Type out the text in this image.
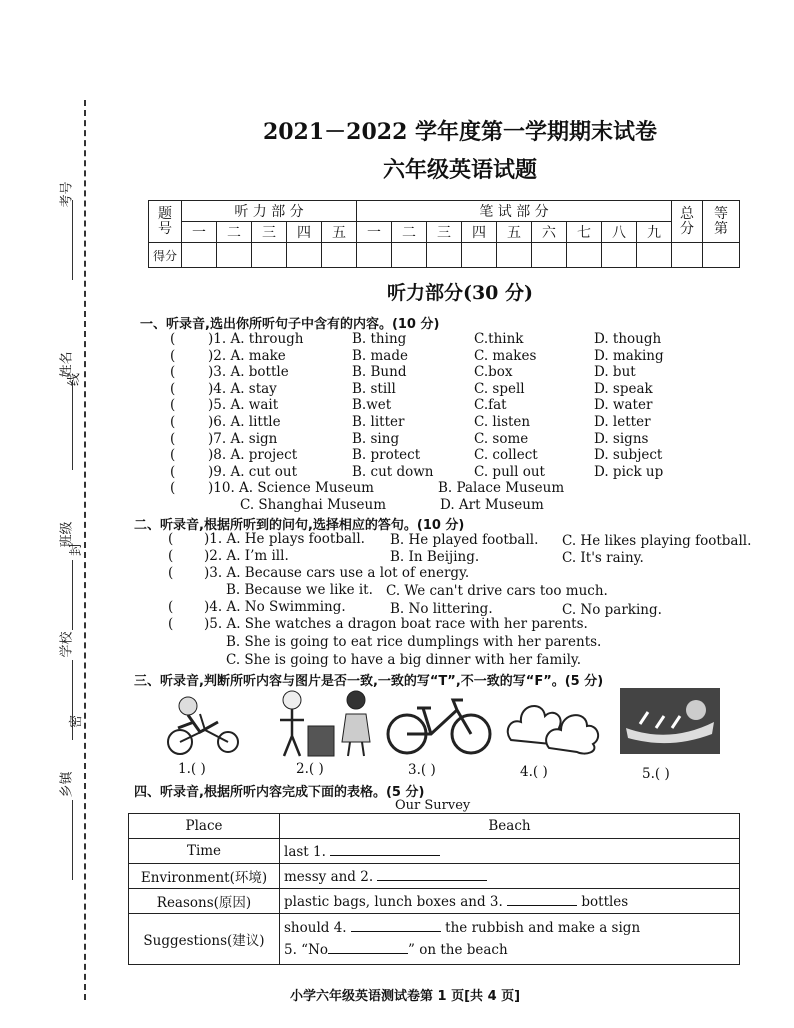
考号
姓名
线
班级
封
学校
密
乡镇
2021－2022 学年度第一学期期末试卷
六年级英语试题
题
号	听 力 部 分					笔 试 部 分									总
分	等
第
	一	二	三	四	五	一	二	三	四	五	六	七	八	九		
得分																
听力部分(30 分)
一、听录音,选出你所听句子中含有的内容。(10 分)
( )1. A. through	B. thing	C.think	D. though
( )2. A. make	B. made	C. makes	D. making
( )3. A. bottle	B. Bund	C.box	D. but
( )4. A. stay	B. still	C. spell	D. speak
( )5. A. wait	B.wet	C.fat	D. water
( )6. A. little	B. litter	C. listen	D. letter
( )7. A. sign	B. sing	C. some	D. signs
( )8. A. project	B. protect	C. collect	D. subject
( )9. A. cut out	B. cut down	C. pull out	D. pick up
( )10. A. Science Museum	B. Palace Museum
C. Shanghai Museum	D. Art Museum
二、听录音,根据所听到的问句,选择相应的答句。(10 分)
( )1. A. He plays football. B. He played football. C. He likes playing football.
( )2. A. I’m ill.	B. In Beijing.	C. It's rainy.
( )3. A. Because cars use a lot of energy.
B. Because we like it. C. We can't drive cars too much.
( )4. A. No Swimming.	B. No littering.	C. No parking.
( )5. A. She watches a dragon boat race with her parents.
B. She is going to eat rice dumplings with her parents.
C. She is going to have a big dinner with her family.
三、听录音,判断所听内容与图片是否一致,一致的写“T”,不一致的写“F”。(5 分)
1.( )	2.( )	3.( )	4.( )	5.( )
四、听录音,根据所听内容完成下面的表格。(5 分)
Our Survey
Place	Beach
Time	last 1.
Environment(环境)	messy and 2.
Reasons(原因)	plastic bags, lunch boxes and 3. bottles
Suggestions(建议)	should 4. the rubbish and make a sign
5. “No ” on the beach
小学六年级英语测试卷第 1 页[共 4 页]
